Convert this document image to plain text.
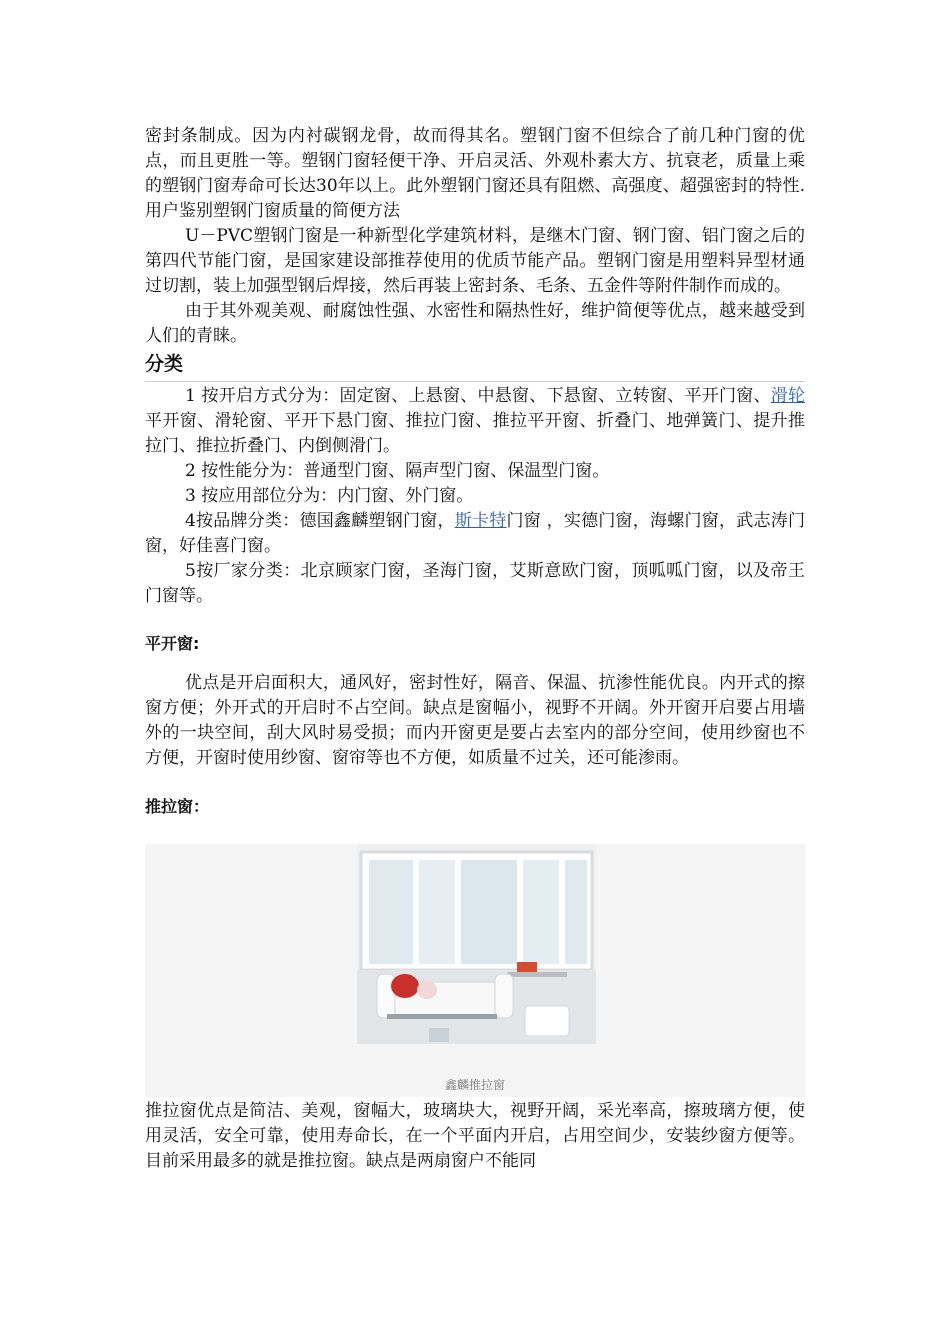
密封条制成。因为内衬碳钢龙骨，故而得其名。塑钢门窗不但综合了前几种门窗的优点，而且更胜一等。塑钢门窗轻便干净、开启灵活、外观朴素大方、抗衰老，质量上乘的塑钢门窗寿命可长达30年以上。此外塑钢门窗还具有阻燃、高强度、超强密封的特性.用户鉴别塑钢门窗质量的简便方法

U－PVC塑钢门窗是一种新型化学建筑材料，是继木门窗、钢门窗、铝门窗之后的第四代节能门窗，是国家建设部推荐使用的优质节能产品。塑钢门窗是用塑料异型材通过切割，装上加强型钢后焊接，然后再装上密封条、毛条、五金件等附件制作而成的。

由于其外观美观、耐腐蚀性强、水密性和隔热性好，维护简便等优点，越来越受到人们的青睐。

分类

1 按开启方式分为：固定窗、上悬窗、中悬窗、下悬窗、立转窗、平开门窗、滑轮平开窗、滑轮窗、平开下悬门窗、推拉门窗、推拉平开窗、折叠门、地弹簧门、提升推拉门、推拉折叠门、内倒侧滑门。

2 按性能分为：普通型门窗、隔声型门窗、保温型门窗。

3 按应用部位分为：内门窗、外门窗。

4按品牌分类：德国鑫麟塑钢门窗，斯卡特门窗 ，实德门窗，海螺门窗，武志涛门窗，好佳喜门窗。

5按厂家分类：北京顾家门窗，圣海门窗，艾斯意欧门窗，顶呱呱门窗，以及帝王门窗等。

平开窗:

优点是开启面积大，通风好，密封性好，隔音、保温、抗渗性能优良。内开式的擦窗方便；外开式的开启时不占空间。缺点是窗幅小，视野不开阔。外开窗开启要占用墙外的一块空间，刮大风时易受损；而内开窗更是要占去室内的部分空间，使用纱窗也不方便，开窗时使用纱窗、窗帘等也不方便，如质量不过关，还可能渗雨。

推拉窗：
鑫麟推拉窗

推拉窗优点是简洁、美观，窗幅大，玻璃块大，视野开阔，采光率高，擦玻璃方便，使用灵活，安全可靠，使用寿命长，在一个平面内开启，占用空间少，安装纱窗方便等。目前采用最多的就是推拉窗。缺点是两扇窗户不能同
